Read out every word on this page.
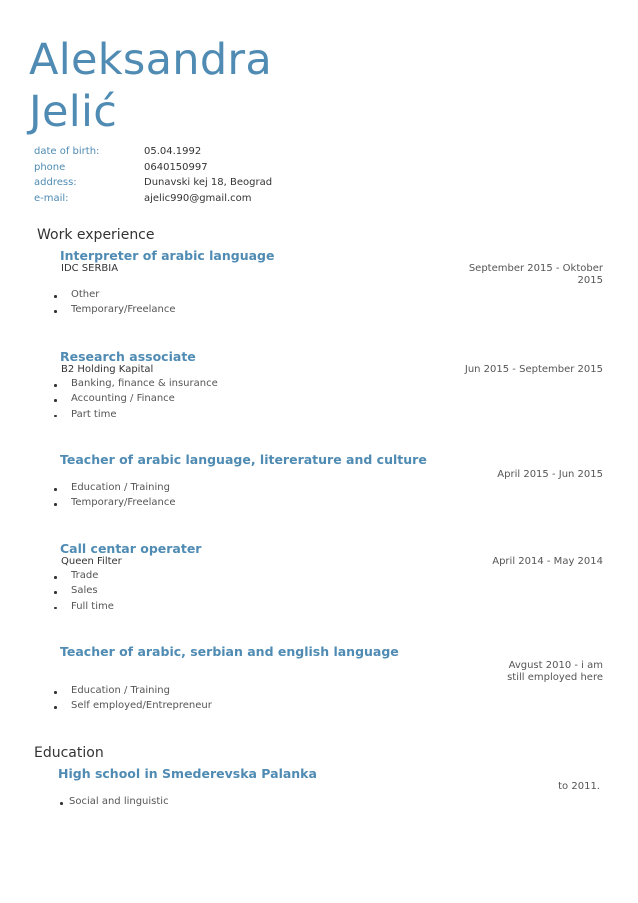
Aleksandra
Jelić
date of birth:	05.04.1992
phone	0640150997
address:	Dunavski kej 18, Beograd
e-mail:	ajelic990@gmail.com
Work experience
Interpreter of arabic language
IDC SERBIA	September 2015 - Oktober 2015
Other
Temporary/Freelance
Research associate
B2 Holding Kapital	Jun 2015 - September 2015
Banking, finance & insurance
Accounting / Finance
Part time
Teacher of arabic language, litereraturе and culture
April 2015 - Jun 2015
Education / Training
Temporary/Freelance
Call centar operater
Queen Filter	April 2014 - May 2014
Trade
Sales
Full time
Teacher of arabic, serbian and english language
Avgust 2010 - i am still employed here
Education / Training
Self employed/Entrepreneur
Education
High school in Smederevska Palanka
to 2011.
Social and linguistic
